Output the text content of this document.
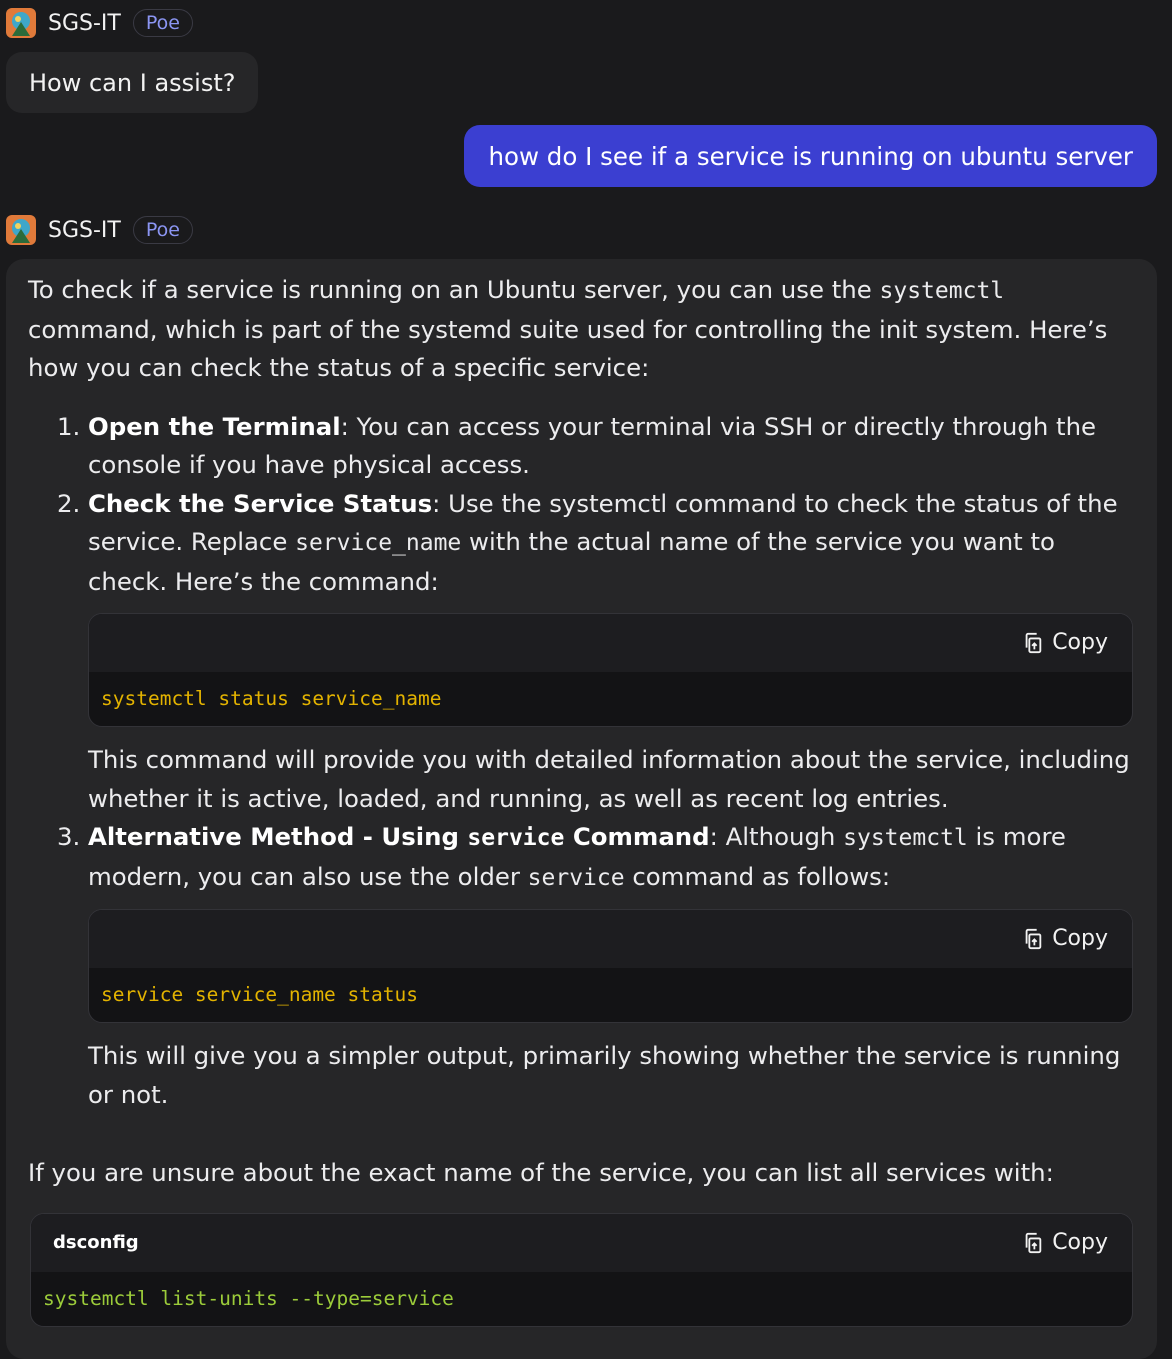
SGS-IT	Poe
How can I assist?
how do I see if a service is running on ubuntu server
SGS-IT	Poe

To check if a service is running on an Ubuntu server, you can use the systemctl command, which is part of the systemd suite used for controlling the init system. Here’s how you can check the status of a specific service:

1. Open the Terminal: You can access your terminal via SSH or directly through the console if you have physical access.
2. Check the Service Status: Use the systemctl command to check the status of the service. Replace service_name with the actual name of the service you want to check. Here’s the command:
Copy
systemctl status service_name
This command will provide you with detailed information about the service, including whether it is active, loaded, and running, as well as recent log entries.
3. Alternative Method - Using service Command: Although systemctl is more modern, you can also use the older service command as follows:
Copy
service service_name status
This will give you a simpler output, primarily showing whether the service is running or not.

If you are unsure about the exact name of the service, you can list all services with:

dsconfig	Copy
systemctl list-units --type=service
